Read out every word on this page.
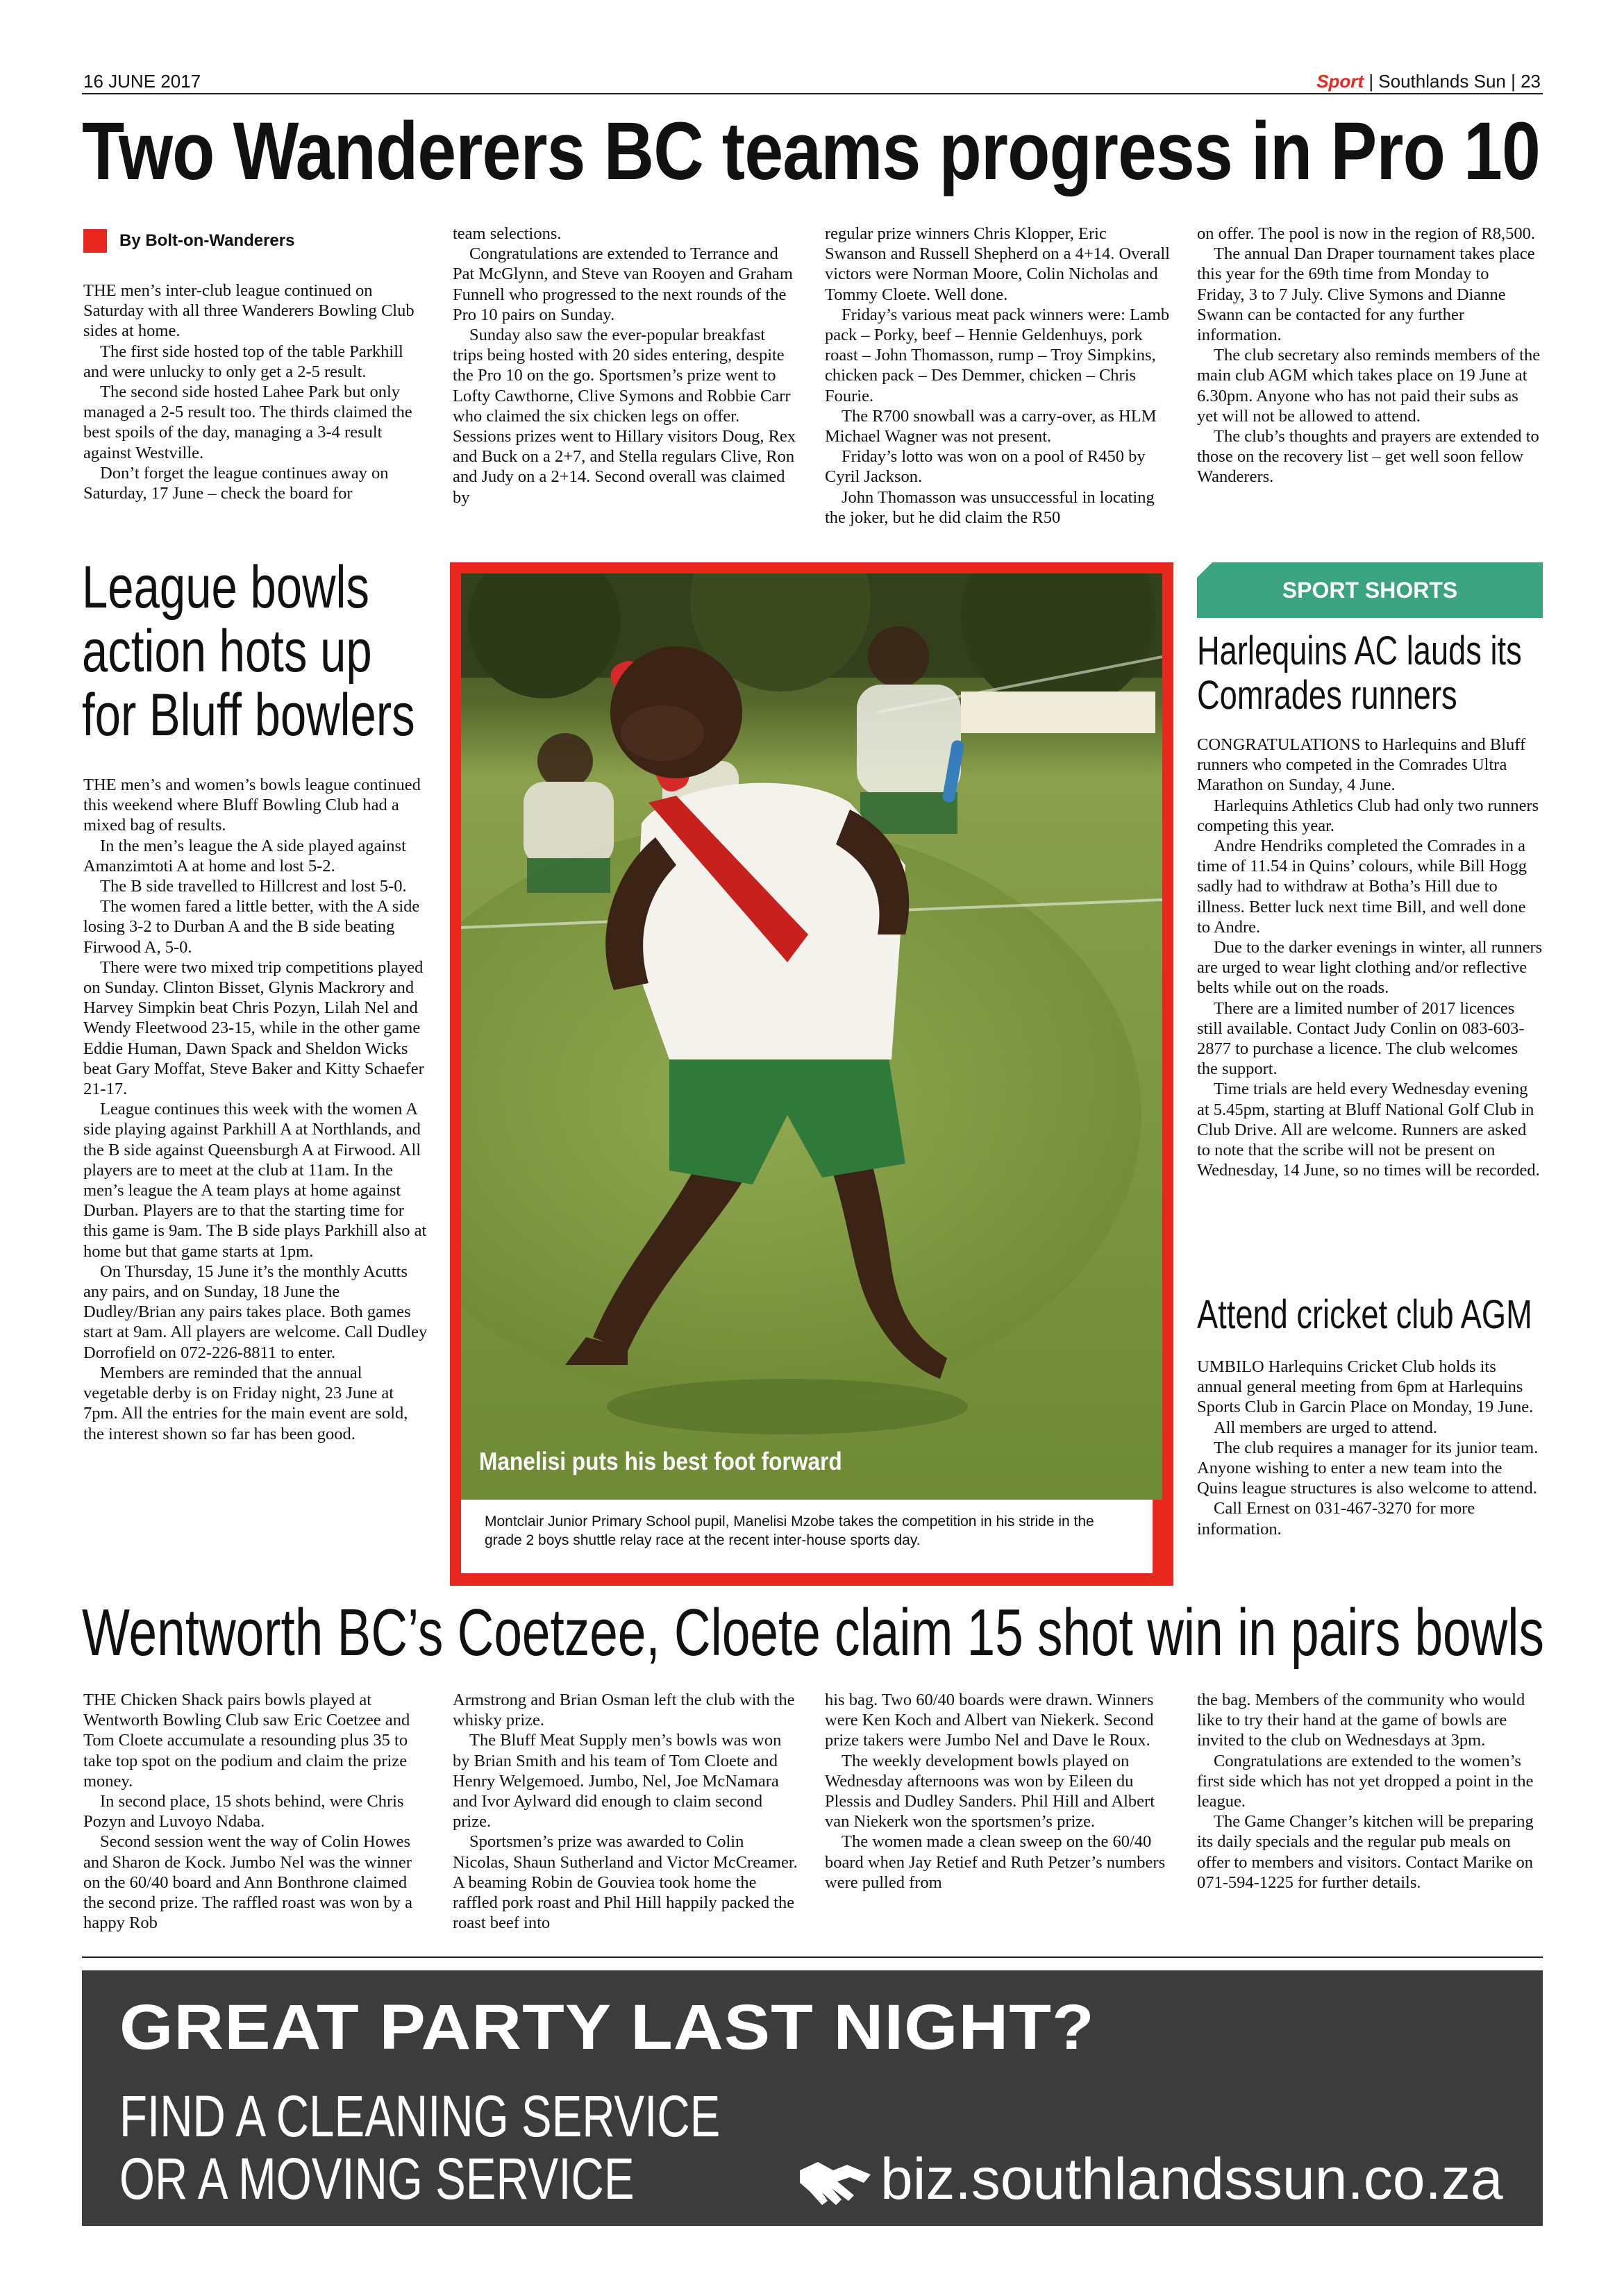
16 JUNE 2017	Sport | Southlands Sun | 23
Two Wanderers BC teams progress in Pro 10
By Bolt-on-Wanderers

THE men’s inter-club league continued on Saturday with all three Wanderers Bowling Club sides at home.

The first side hosted top of the table Parkhill and were unlucky to only get a 2-5 result.

The second side hosted Lahee Park but only managed a 2-5 result too. The thirds claimed the best spoils of the day, managing a 3-4 result against Westville.

Don’t forget the league continues away on Saturday, 17 June – check the board for

team selections.

Congratulations are extended to Terrance and Pat McGlynn, and Steve van Rooyen and Graham Funnell who progressed to the next rounds of the Pro 10 pairs on Sunday.

Sunday also saw the ever-popular breakfast trips being hosted with 20 sides entering, despite the Pro 10 on the go. Sportsmen’s prize went to Lofty Cawthorne, Clive Symons and Robbie Carr who claimed the six chicken legs on offer. Sessions prizes went to Hillary visitors Doug, Rex and Buck on a 2+7, and Stella regulars Clive, Ron and Judy on a 2+14. Second overall was claimed by

regular prize winners Chris Klopper, Eric Swanson and Russell Shepherd on a 4+14. Overall victors were Norman Moore, Colin Nicholas and Tommy Cloete. Well done.

Friday’s various meat pack winners were: Lamb pack – Porky, beef – Hennie Geldenhuys, pork roast – John Thomasson, rump – Troy Simpkins, chicken pack – Des Demmer, chicken – Chris Fourie.

The R700 snowball was a carry-over, as HLM Michael Wagner was not present.

Friday’s lotto was won on a pool of R450 by Cyril Jackson.

John Thomasson was unsuccessful in locating the joker, but he did claim the R50

on offer. The pool is now in the region of R8,500.

The annual Dan Draper tournament takes place this year for the 69th time from Monday to Friday, 3 to 7 July. Clive Symons and Dianne Swann can be contacted for any further information.

The club secretary also reminds members of the main club AGM which takes place on 19 June at 6.30pm. Anyone who has not paid their subs as yet will not be allowed to attend.

The club’s thoughts and prayers are extended to those on the recovery list – get well soon fellow Wanderers.

League bowls
action hots up
for Bluff bowlers

THE men’s and women’s bowls league continued this weekend where Bluff Bowling Club had a mixed bag of results.

In the men’s league the A side played against Amanzimtoti A at home and lost 5-2.

The B side travelled to Hillcrest and lost 5-0.

The women fared a little better, with the A side losing 3-2 to Durban A and the B side beating Firwood A, 5-0.

There were two mixed trip competitions played on Sunday. Clinton Bisset, Glynis Mackrory and Harvey Simpkin beat Chris Pozyn, Lilah Nel and Wendy Fleetwood 23-15, while in the other game Eddie Human, Dawn Spack and Sheldon Wicks beat Gary Moffat, Steve Baker and Kitty Schaefer 21-17.

League continues this week with the women A side playing against Parkhill A at Northlands, and the B side against Queensburgh A at Firwood. All players are to meet at the club at 11am. In the men’s league the A team plays at home against Durban. Players are to that the starting time for this game is 9am. The B side plays Parkhill also at home but that game starts at 1pm.

On Thursday, 15 June it’s the monthly Acutts any pairs, and on Sunday, 18 June the Dudley/Brian any pairs takes place. Both games start at 9am. All players are welcome. Call Dudley Dorrofield on 072-226-8811 to enter.

Members are reminded that the annual vegetable derby is on Friday night, 23 June at 7pm. All the entries for the main event are sold, the interest shown so far has been good.

Manelisi puts his best foot forward
Montclair Junior Primary School pupil, Manelisi Mzobe takes the competition in his stride in the grade 2 boys shuttle relay race at the recent inter-house sports day.
SPORT SHORTS
Harlequins AC lauds its
Comrades runners

CONGRATULATIONS to Harlequins and Bluff runners who competed in the Comrades Ultra Marathon on Sunday, 4 June.

Harlequins Athletics Club had only two runners competing this year.

Andre Hendriks completed the Comrades in a time of 11.54 in Quins’ colours, while Bill Hogg sadly had to withdraw at Botha’s Hill due to illness. Better luck next time Bill, and well done to Andre.

Due to the darker evenings in winter, all runners are urged to wear light clothing and/or reflective belts while out on the roads.

There are a limited number of 2017 licences still available. Contact Judy Conlin on 083-603-2877 to purchase a licence. The club welcomes the support.

Time trials are held every Wednesday evening at 5.45pm, starting at Bluff National Golf Club in Club Drive. All are welcome. Runners are asked to note that the scribe will not be present on Wednesday, 14 June, so no times will be recorded.

Attend cricket club AGM

UMBILO Harlequins Cricket Club holds its annual general meeting from 6pm at Harlequins Sports Club in Garcin Place on Monday, 19 June.

All members are urged to attend.

The club requires a manager for its junior team. Anyone wishing to enter a new team into the Quins league structures is also welcome to attend.

Call Ernest on 031-467-3270 for more information.

Wentworth BC’s Coetzee, Cloete claim 15 shot win in pairs bowls

THE Chicken Shack pairs bowls played at Wentworth Bowling Club saw Eric Coetzee and Tom Cloete accumulate a resounding plus 35 to take top spot on the podium and claim the prize money.

In second place, 15 shots behind, were Chris Pozyn and Luvoyo Ndaba.

Second session went the way of Colin Howes and Sharon de Kock. Jumbo Nel was the winner on the 60/40 board and Ann Bonthrone claimed the second prize. The raffled roast was won by a happy Rob

Armstrong and Brian Osman left the club with the whisky prize.

The Bluff Meat Supply men’s bowls was won by Brian Smith and his team of Tom Cloete and Henry Welgemoed. Jumbo, Nel, Joe McNamara and Ivor Aylward did enough to claim second prize.

Sportsmen’s prize was awarded to Colin Nicolas, Shaun Sutherland and Victor McCreamer. A beaming Robin de Gouviea took home the raffled pork roast and Phil Hill happily packed the roast beef into

his bag. Two 60/40 boards were drawn. Winners were Ken Koch and Albert van Niekerk. Second prize takers were Jumbo Nel and Dave le Roux.

The weekly development bowls played on Wednesday afternoons was won by Eileen du Plessis and Dudley Sanders. Phil Hill and Albert van Niekerk won the sportsmen’s prize.

The women made a clean sweep on the 60/40 board when Jay Retief and Ruth Petzer’s numbers were pulled from

the bag. Members of the community who would like to try their hand at the game of bowls are invited to the club on Wednesdays at 3pm.

Congratulations are extended to the women’s first side which has not yet dropped a point in the league.

The Game Changer’s kitchen will be preparing its daily specials and the regular pub meals on offer to members and visitors. Contact Marike on 071-594-1225 for further details.

GREAT PARTY LAST NIGHT?
FIND A CLEANING SERVICE
OR A MOVING SERVICE	biz.southlandssun.co.za
